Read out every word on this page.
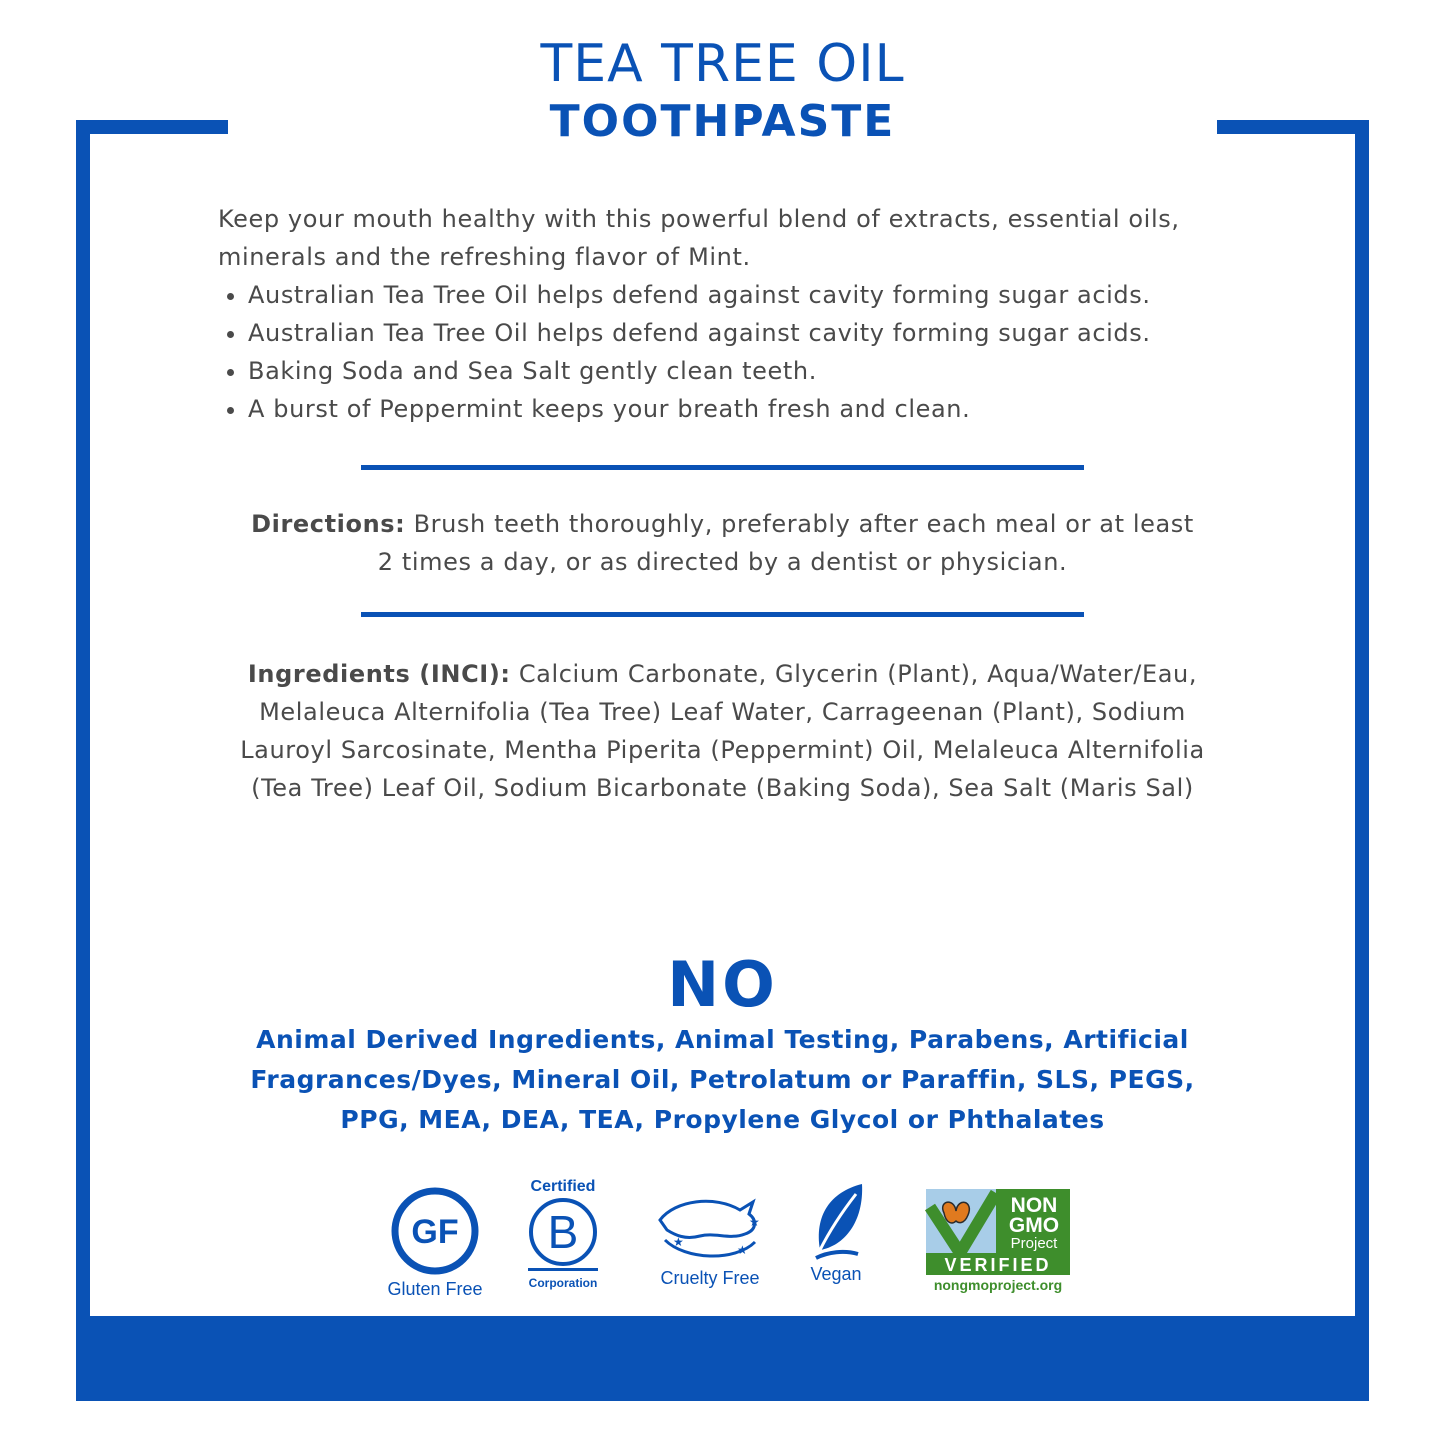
TEA TREE OIL
TOOTHPASTE

Keep your mouth healthy with this powerful blend of extracts, essential oils, minerals and the refreshing flavor of Mint.

• Australian Tea Tree Oil helps defend against cavity forming sugar acids.
• Australian Tea Tree Oil helps defend against cavity forming sugar acids.
• Baking Soda and Sea Salt gently clean teeth.
• A burst of Peppermint keeps your breath fresh and clean.
Directions: Brush teeth thoroughly, preferably after each meal or at least 2 times a day, or as directed by a dentist or physician.
Ingredients (INCI): Calcium Carbonate, Glycerin (Plant), Aqua/Water/Eau, Melaleuca Alternifolia (Tea Tree) Leaf Water, Carrageenan (Plant), Sodium Lauroyl Sarcosinate, Mentha Piperita (Peppermint) Oil, Melaleuca Alternifolia (Tea Tree) Leaf Oil, Sodium Bicarbonate (Baking Soda), Sea Salt (Maris Sal)
NO
Animal Derived Ingredients, Animal Testing, Parabens, Artificial Fragrances/Dyes, Mineral Oil, Petrolatum or Paraffin, SLS, PEGS, PPG, MEA, DEA, TEA, Propylene Glycol or Phthalates
GF
Gluten Free
Certified
B
Corporation
★
★
★
Cruelty Free	Vegan
NON
GMO
Project
VERIFIED
nongmoproject.org
